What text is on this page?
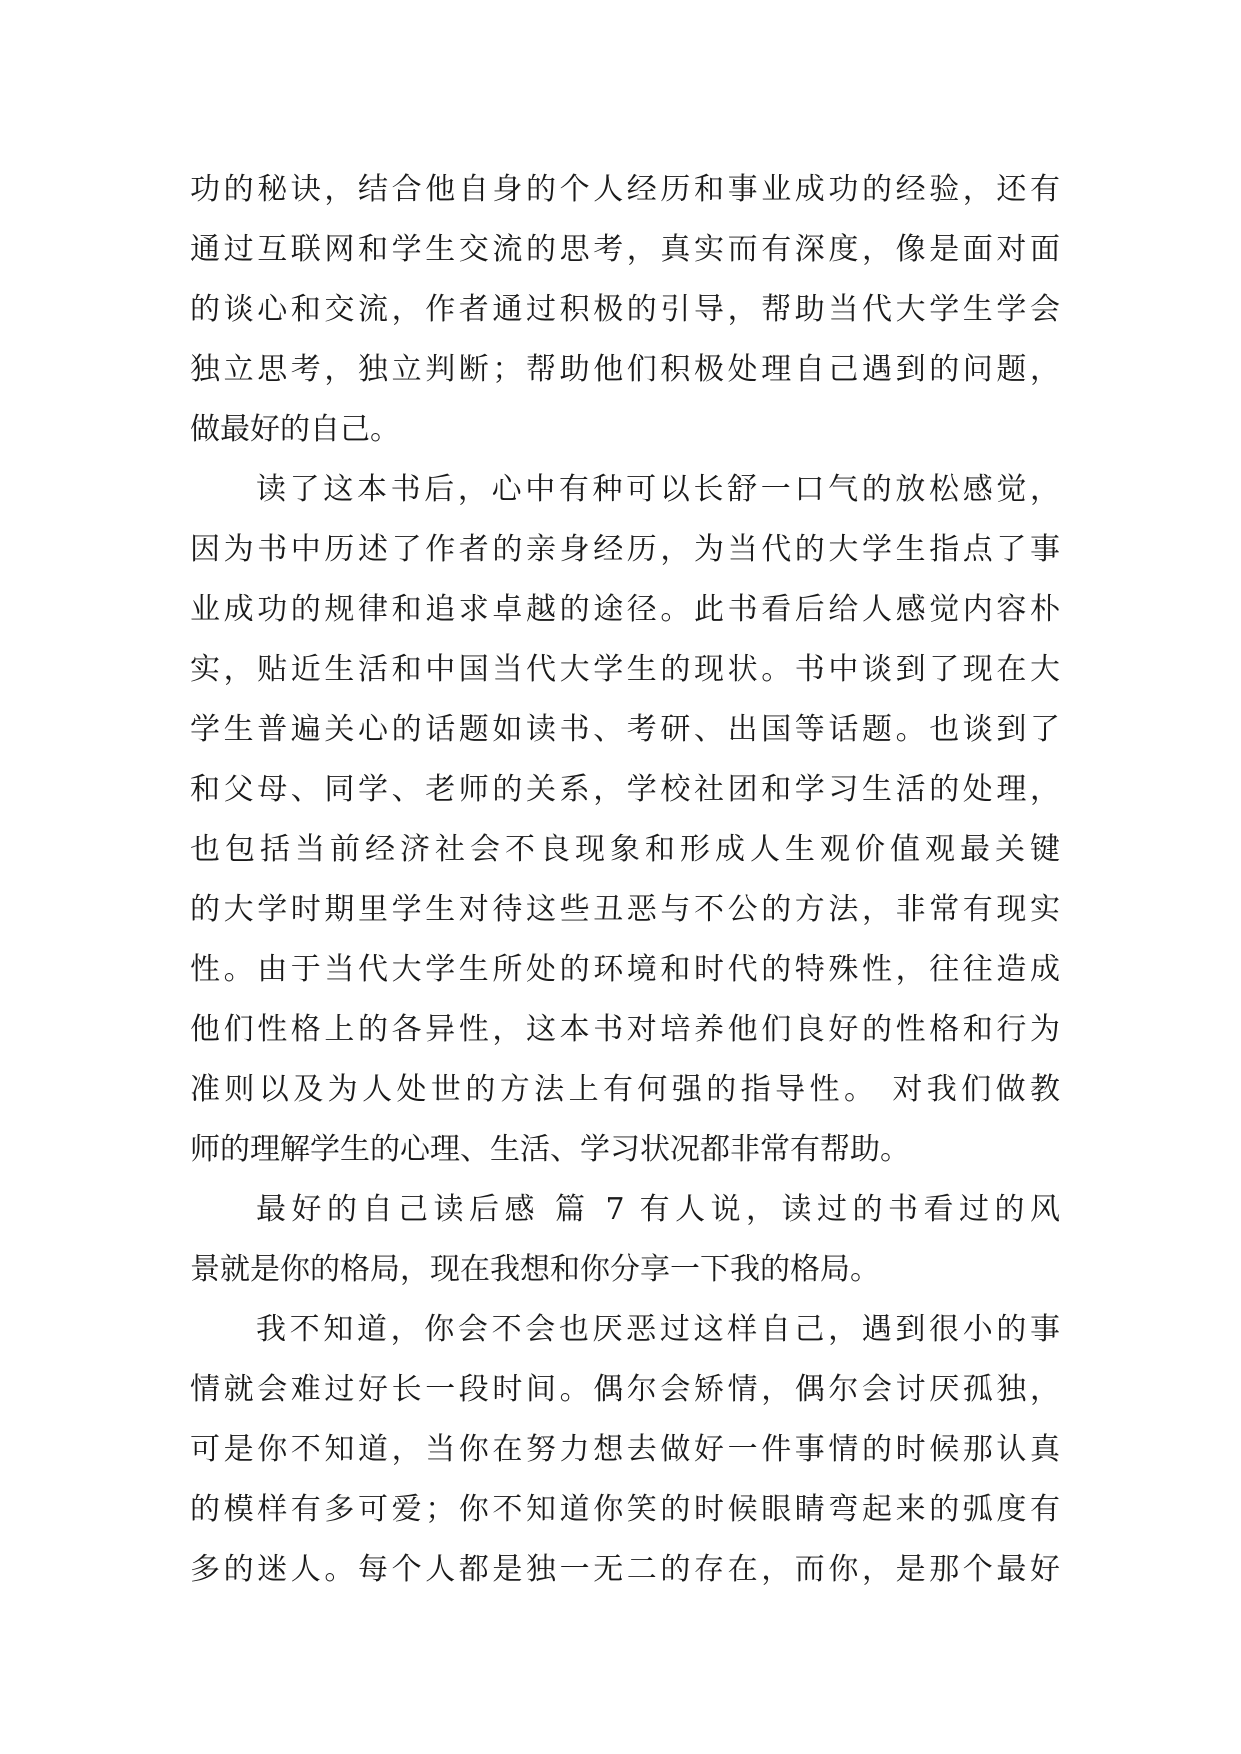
功的秘诀，结合他自身的个人经历和事业成功的经验，还有
通过互联网和学生交流的思考，真实而有深度，像是面对面
的谈心和交流，作者通过积极的引导，帮助当代大学生学会
独立思考，独立判断；帮助他们积极处理自己遇到的问题，
做最好的自己。
读了这本书后，心中有种可以长舒一口气的放松感觉，
因为书中历述了作者的亲身经历，为当代的大学生指点了事
业成功的规律和追求卓越的途径。此书看后给人感觉内容朴
实，贴近生活和中国当代大学生的现状。书中谈到了现在大
学生普遍关心的话题如读书、考研、出国等话题。也谈到了
和父母、同学、老师的关系，学校社团和学习生活的处理，
也包括当前经济社会不良现象和形成人生观价值观最关键
的大学时期里学生对待这些丑恶与不公的方法，非常有现实
性。由于当代大学生所处的环境和时代的特殊性，往往造成
他们性格上的各异性，这本书对培养他们良好的性格和行为
准则以及为人处世的方法上有何强的指导性。 对我们做教
师的理解学生的心理、生活、学习状况都非常有帮助。
最好的自己读后感 篇 7 有人说，读过的书看过的风
景就是你的格局，现在我想和你分享一下我的格局。
我不知道，你会不会也厌恶过这样自己，遇到很小的事
情就会难过好长一段时间。偶尔会矫情，偶尔会讨厌孤独，
可是你不知道，当你在努力想去做好一件事情的时候那认真
的模样有多可爱；你不知道你笑的时候眼睛弯起来的弧度有
多的迷人。每个人都是独一无二的存在，而你，是那个最好
